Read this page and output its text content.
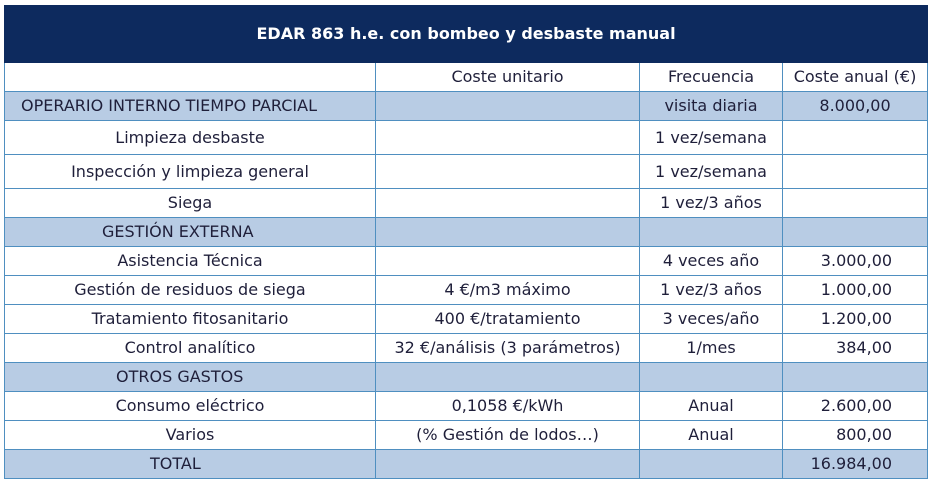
EDAR 863 h.e. con bombeo y desbaste manual			
	Coste unitario	Frecuencia	Coste anual (€)
OPERARIO INTERNO TIEMPO PARCIAL		visita diaria	8.000,00
Limpieza desbaste		1 vez/semana	
Inspección y limpieza general		1 vez/semana	
Siega		1 vez/3 años	
GESTIÓN EXTERNA			
Asistencia Técnica		4 veces año	3.000,00
Gestión de residuos de siega	4 €/m3 máximo	1 vez/3 años	1.000,00
Tratamiento fitosanitario	400 €/tratamiento	3 veces/año	1.200,00
Control analítico	32 €/análisis (3 parámetros)	1/mes	384,00
OTROS GASTOS			
Consumo eléctrico	0,1058 €/kWh	Anual	2.600,00
Varios	(% Gestión de lodos…)	Anual	800,00
TOTAL			16.984,00
